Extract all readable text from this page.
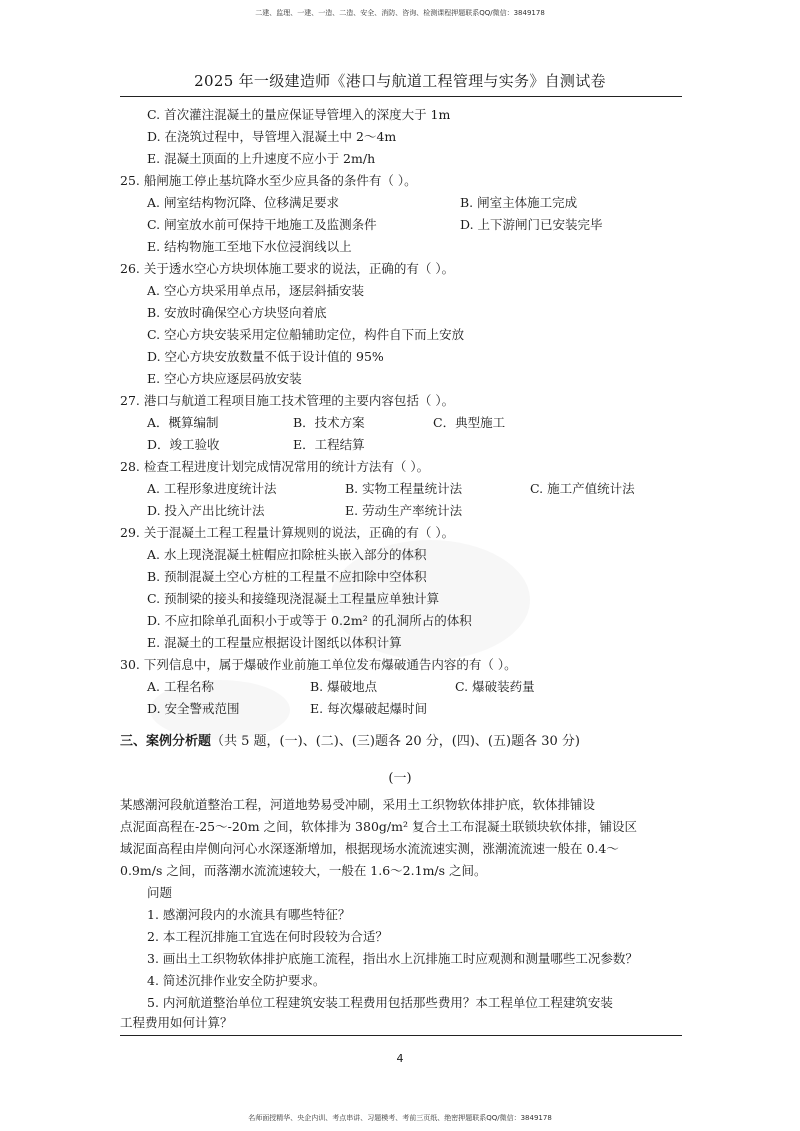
二建、监理、一建、一造、二造、安全、消防、咨询、检测课程押题联系QQ/微信：3849178
2025 年一级建造师《港口与航道工程管理与实务》自测试卷
C. 首次灌注混凝土的量应保证导管埋入的深度大于 1m
D. 在浇筑过程中，导管埋入混凝土中 2～4m
E. 混凝土顶面的上升速度不应小于 2m/h
25. 船闸施工停止基坑降水至少应具备的条件有（ ）。
A. 闸室结构物沉降、位移满足要求	B. 闸室主体施工完成
C. 闸室放水前可保持干地施工及监测条件	D. 上下游闸门已安装完毕
E. 结构物施工至地下水位浸润线以上
26. 关于透水空心方块坝体施工要求的说法，正确的有（ ）。
A. 空心方块采用单点吊，逐层斜插安装
B. 安放时确保空心方块竖向着底
C. 空心方块安装采用定位船辅助定位，构件自下而上安放
D. 空心方块安放数量不低于设计值的 95%
E. 空心方块应逐层码放安装
27. 港口与航道工程项目施工技术管理的主要内容包括（ ）。
A．概算编制	B．技术方案	C．典型施工
D．竣工验收	E．工程结算
28. 检查工程进度计划完成情况常用的统计方法有（ ）。
A. 工程形象进度统计法	B. 实物工程量统计法	C. 施工产值统计法
D. 投入产出比统计法	E. 劳动生产率统计法
29. 关于混凝土工程工程量计算规则的说法，正确的有（ ）。
A. 水上现浇混凝土桩帽应扣除桩头嵌入部分的体积
B. 预制混凝土空心方桩的工程量不应扣除中空体积
C. 预制梁的接头和接缝现浇混凝土工程量应单独计算
D. 不应扣除单孔面积小于或等于 0.2m² 的孔洞所占的体积
E. 混凝土的工程量应根据设计图纸以体积计算
30. 下列信息中，属于爆破作业前施工单位发布爆破通告内容的有（ ）。
A. 工程名称	B. 爆破地点	C. 爆破装药量
D. 安全警戒范围	E. 每次爆破起爆时间
三、案例分析题（共 5 题，(一)、(二)、(三)题各 20 分，(四)、(五)题各 30 分)
(一)
某感潮河段航道整治工程，河道地势易受冲刷，采用土工织物软体排护底，软体排铺设
点泥面高程在-25～-20m 之间，软体排为 380g/m² 复合土工布混凝土联锁块软体排，铺设区
域泥面高程由岸侧向河心水深逐渐增加，根据现场水流流速实测，涨潮流流速一般在 0.4～
0.9m/s 之间，而落潮水流流速较大，一般在 1.6～2.1m/s 之间。
问题
1. 感潮河段内的水流具有哪些特征？
2. 本工程沉排施工宜选在何时段较为合适？
3. 画出土工织物软体排护底施工流程，指出水上沉排施工时应观测和测量哪些工况参数？
4. 简述沉排作业安全防护要求。
5. 内河航道整治单位工程建筑安装工程费用包括那些费用？本工程单位工程建筑安装
工程费用如何计算？
4
名师面授精华、央企内训、考点串讲、习题模考、考前三页纸、绝密押题联系QQ/微信：3849178
